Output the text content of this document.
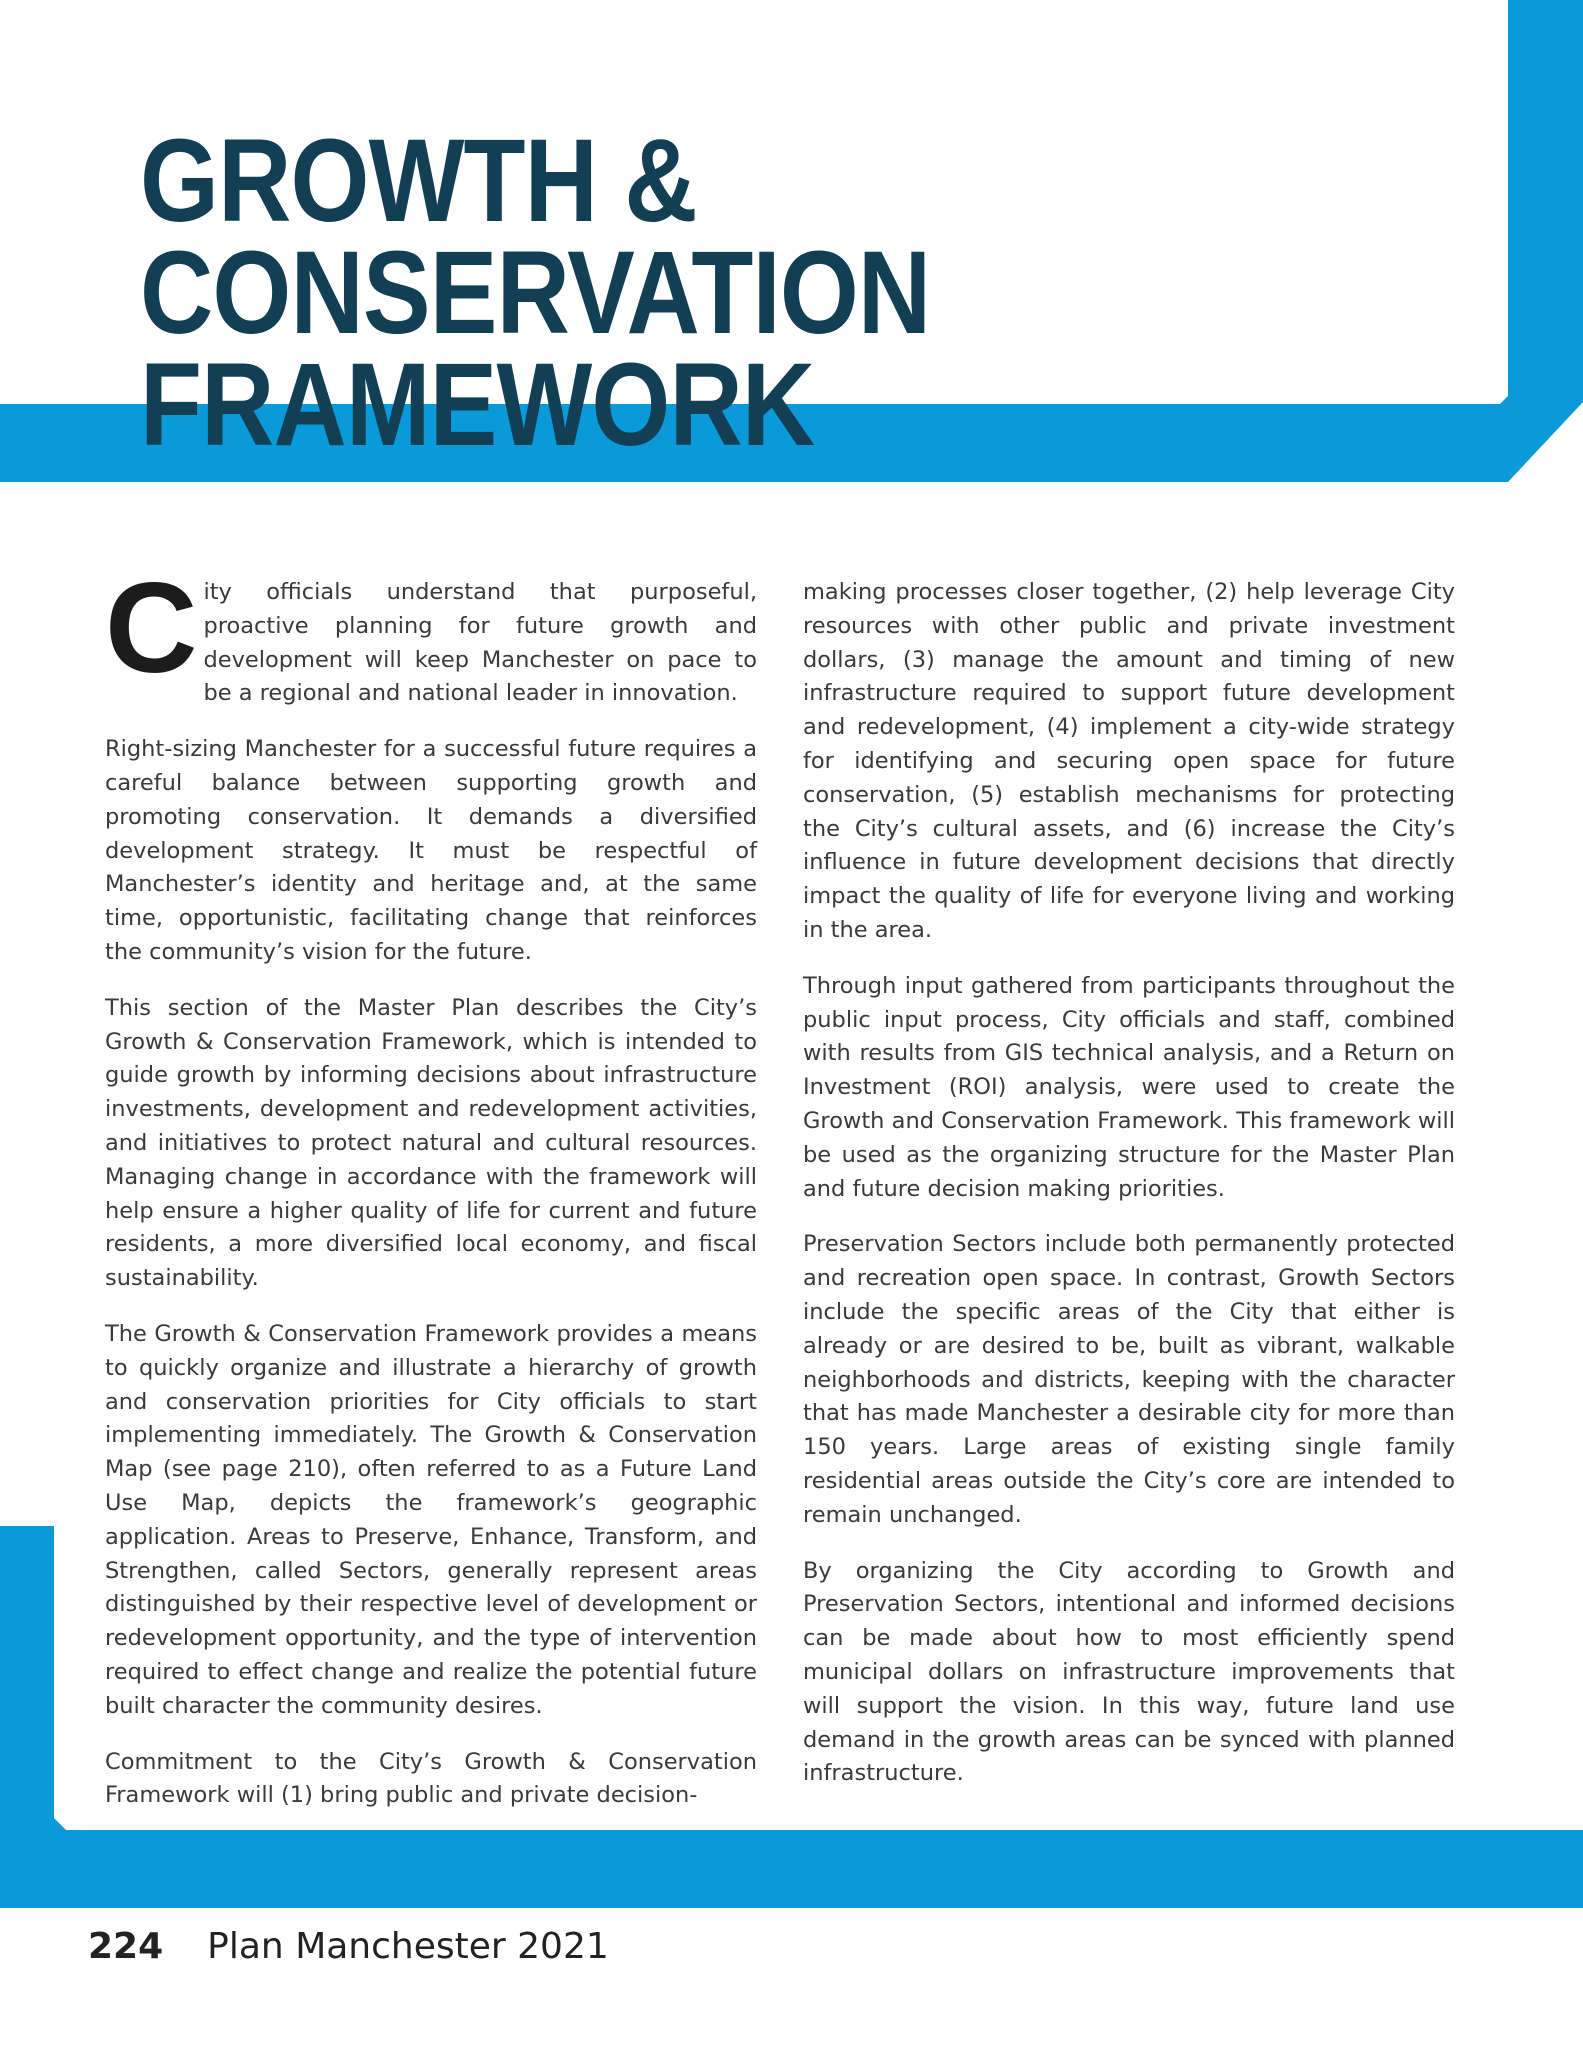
GROWTH & CONSERVATION
FRAMEWORK

City officials understand that purposeful, proactive planning for future growth and development will keep Manchester on pace to be a regional and national leader in innovation.

Right-sizing Manchester for a successful future requires a careful balance between supporting growth and promoting conservation. It demands a diversified development strategy. It must be respectful of Manchester’s identity and heritage and, at the same time, opportunistic, facilitating change that reinforces the community’s vision for the future.

This section of the Master Plan describes the City’s Growth & Conservation Framework, which is intended to guide growth by informing decisions about infrastructure investments, development and redevelopment activities, and initiatives to protect natural and cultural resources. Managing change in accordance with the framework will help ensure a higher quality of life for current and future residents, a more diversified local economy, and fiscal sustainability.

The Growth & Conservation Framework provides a means to quickly organize and illustrate a hierarchy of growth and conservation priorities for City officials to start implementing immediately. The Growth & Conservation Map (see page 210), often referred to as a Future Land Use Map, depicts the framework’s geographic application. Areas to Preserve, Enhance, Transform, and Strengthen, called Sectors, generally represent areas distinguished by their respective level of development or redevelopment opportunity, and the type of intervention required to effect change and realize the potential future built character the community desires.

Commitment to the City’s Growth & Conservation Framework will (1) bring public and private decision-

making processes closer together, (2) help leverage City resources with other public and private investment dollars, (3) manage the amount and timing of new infrastructure required to support future development and redevelopment, (4) implement a city-wide strategy for identifying and securing open space for future conservation, (5) establish mechanisms for protecting the City’s cultural assets, and (6) increase the City’s influence in future development decisions that directly impact the quality of life for everyone living and working in the area.

Through input gathered from participants throughout the public input process, City officials and staff, combined with results from GIS technical analysis, and a Return on Investment (ROI) analysis, were used to create the Growth and Conservation Framework. This framework will be used as the organizing structure for the Master Plan and future decision making priorities.

Preservation Sectors include both permanently protected and recreation open space. In contrast, Growth Sectors include the specific areas of the City that either is already or are desired to be, built as vibrant, walkable neighborhoods and districts, keeping with the character that has made Manchester a desirable city for more than 150 years. Large areas of existing single family residential areas outside the City’s core are intended to remain unchanged.

By organizing the City according to Growth and Preservation Sectors, intentional and informed decisions can be made about how to most efficiently spend municipal dollars on infrastructure improvements that will support the vision. In this way, future land use demand in the growth areas can be synced with planned infrastructure.

224 Plan Manchester 2021
